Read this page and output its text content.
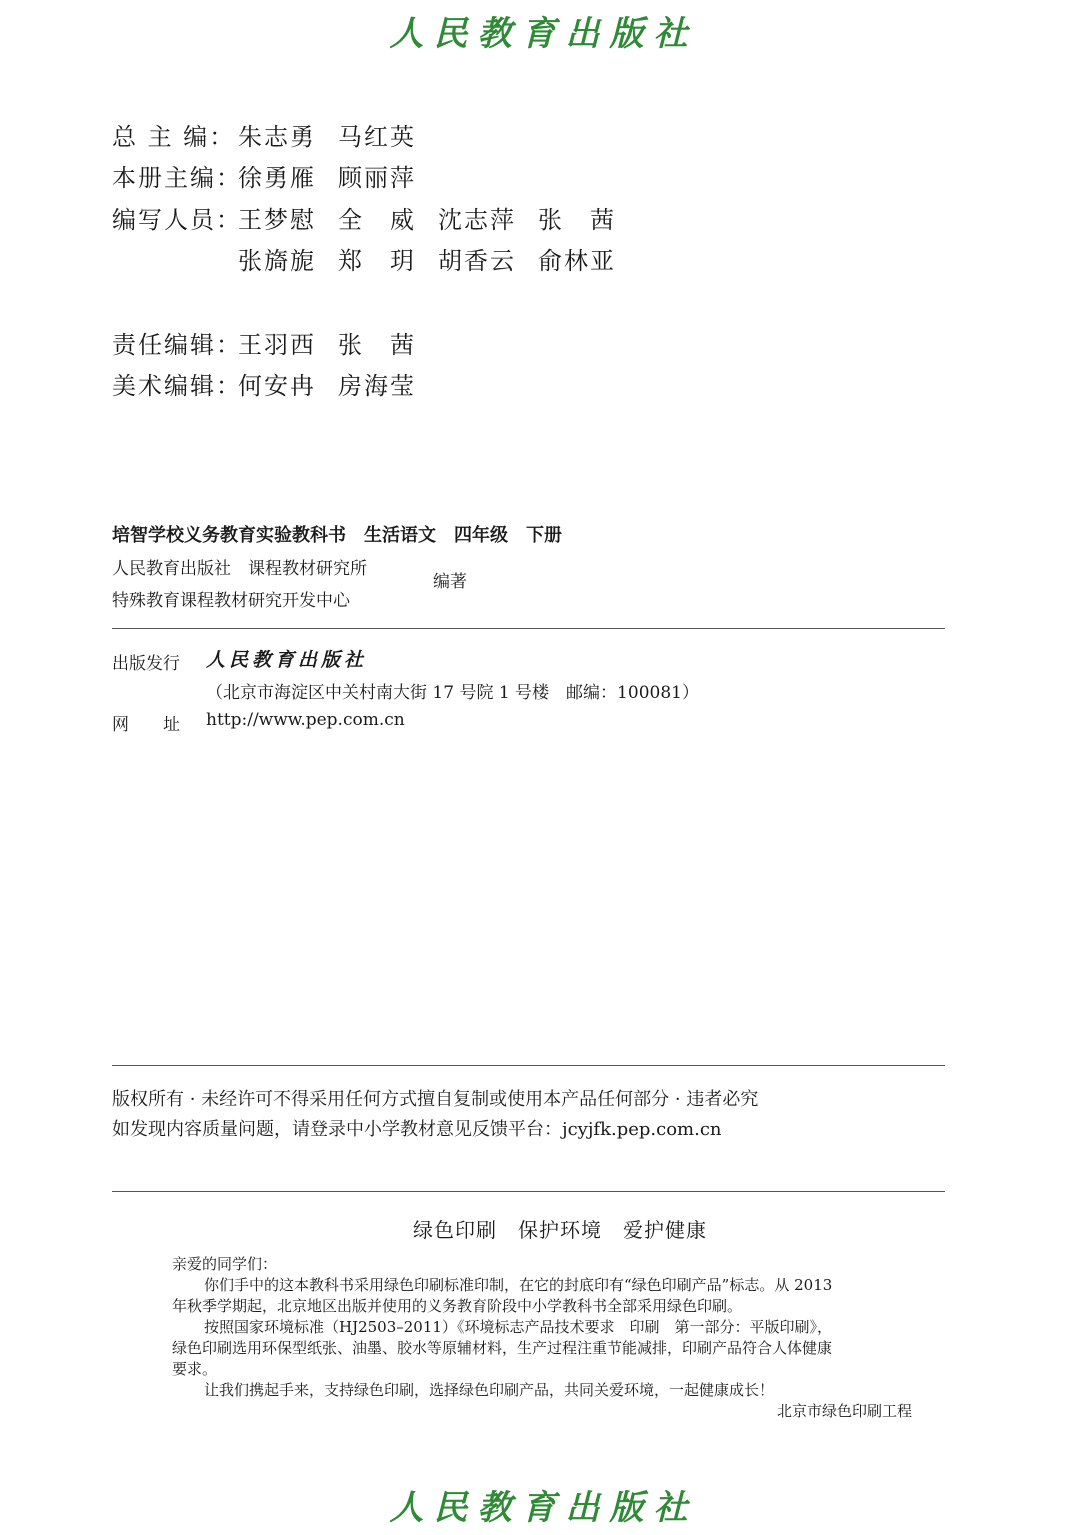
人民教育出版社
总 主 编： 朱志勇 马红英
本册主编：徐勇雁 顾丽萍
编写人员：王梦慰 全　威 沈志萍 张　茜
张旖旎 郑　玥 胡香云 俞林亚
责任编辑：王羽西 张　茜
美术编辑：何安冉 房海莹
培智学校义务教育实验教科书　生活语文　四年级　下册
人民教育出版社　课程教材研究所
特殊教育课程教材研究开发中心
编著
出版发行 人民教育出版社
（北京市海淀区中关村南大街 17 号院 1 号楼　邮编：100081）
网　　址 http://www.pep.com.cn
版权所有 · 未经许可不得采用任何方式擅自复制或使用本产品任何部分 · 违者必究
如发现内容质量问题，请登录中小学教材意见反馈平台：jcyjfk.pep.com.cn
绿色印刷　保护环境　爱护健康

亲爱的同学们：

你们手中的这本教科书采用绿色印刷标准印制，在它的封底印有“绿色印刷产品”标志。从 2013

年秋季学期起，北京地区出版并使用的义务教育阶段中小学教科书全部采用绿色印刷。

按照国家环境标准（HJ2503–2011）《环境标志产品技术要求　印刷　第一部分：平版印刷》，

绿色印刷选用环保型纸张、油墨、胶水等原辅材料，生产过程注重节能减排，印刷产品符合人体健康

要求。

让我们携起手来，支持绿色印刷，选择绿色印刷产品，共同关爱环境，一起健康成长！

北京市绿色印刷工程

人民教育出版社
